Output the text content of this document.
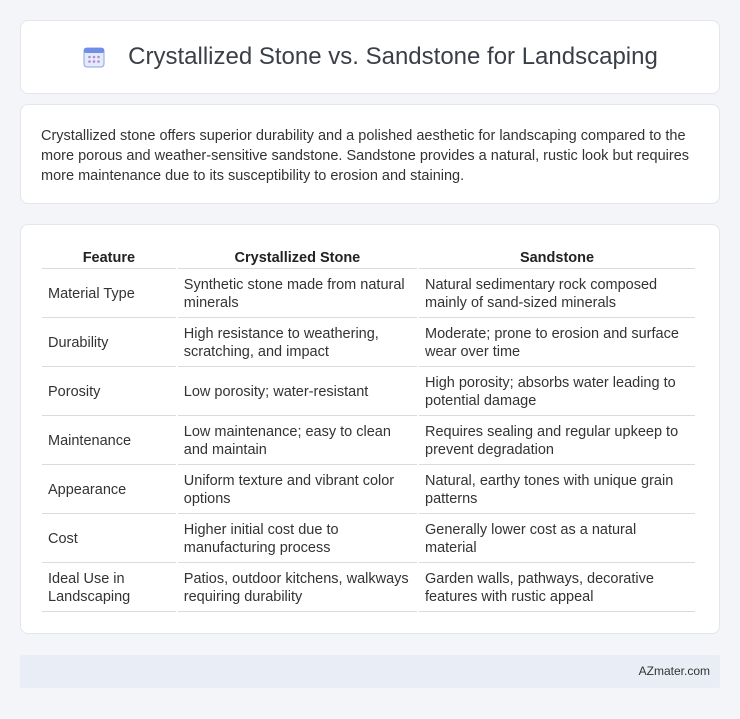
Crystallized Stone vs. Sandstone for Landscaping

Crystallized stone offers superior durability and a polished aesthetic for landscaping compared to the more porous and weather-sensitive sandstone. Sandstone provides a natural, rustic look but requires more maintenance due to its susceptibility to erosion and staining.

Feature	Crystallized Stone	Sandstone
Material Type	Synthetic stone made from natural minerals	Natural sedimentary rock composed mainly of sand-sized minerals
Durability	High resistance to weathering, scratching, and impact	Moderate; prone to erosion and surface wear over time
Porosity	Low porosity; water-resistant	High porosity; absorbs water leading to potential damage
Maintenance	Low maintenance; easy to clean and maintain	Requires sealing and regular upkeep to prevent degradation
Appearance	Uniform texture and vibrant color options	Natural, earthy tones with unique grain patterns
Cost	Higher initial cost due to manufacturing process	Generally lower cost as a natural material
Ideal Use in Landscaping	Patios, outdoor kitchens, walkways requiring durability	Garden walls, pathways, decorative features with rustic appeal
AZmater.com
